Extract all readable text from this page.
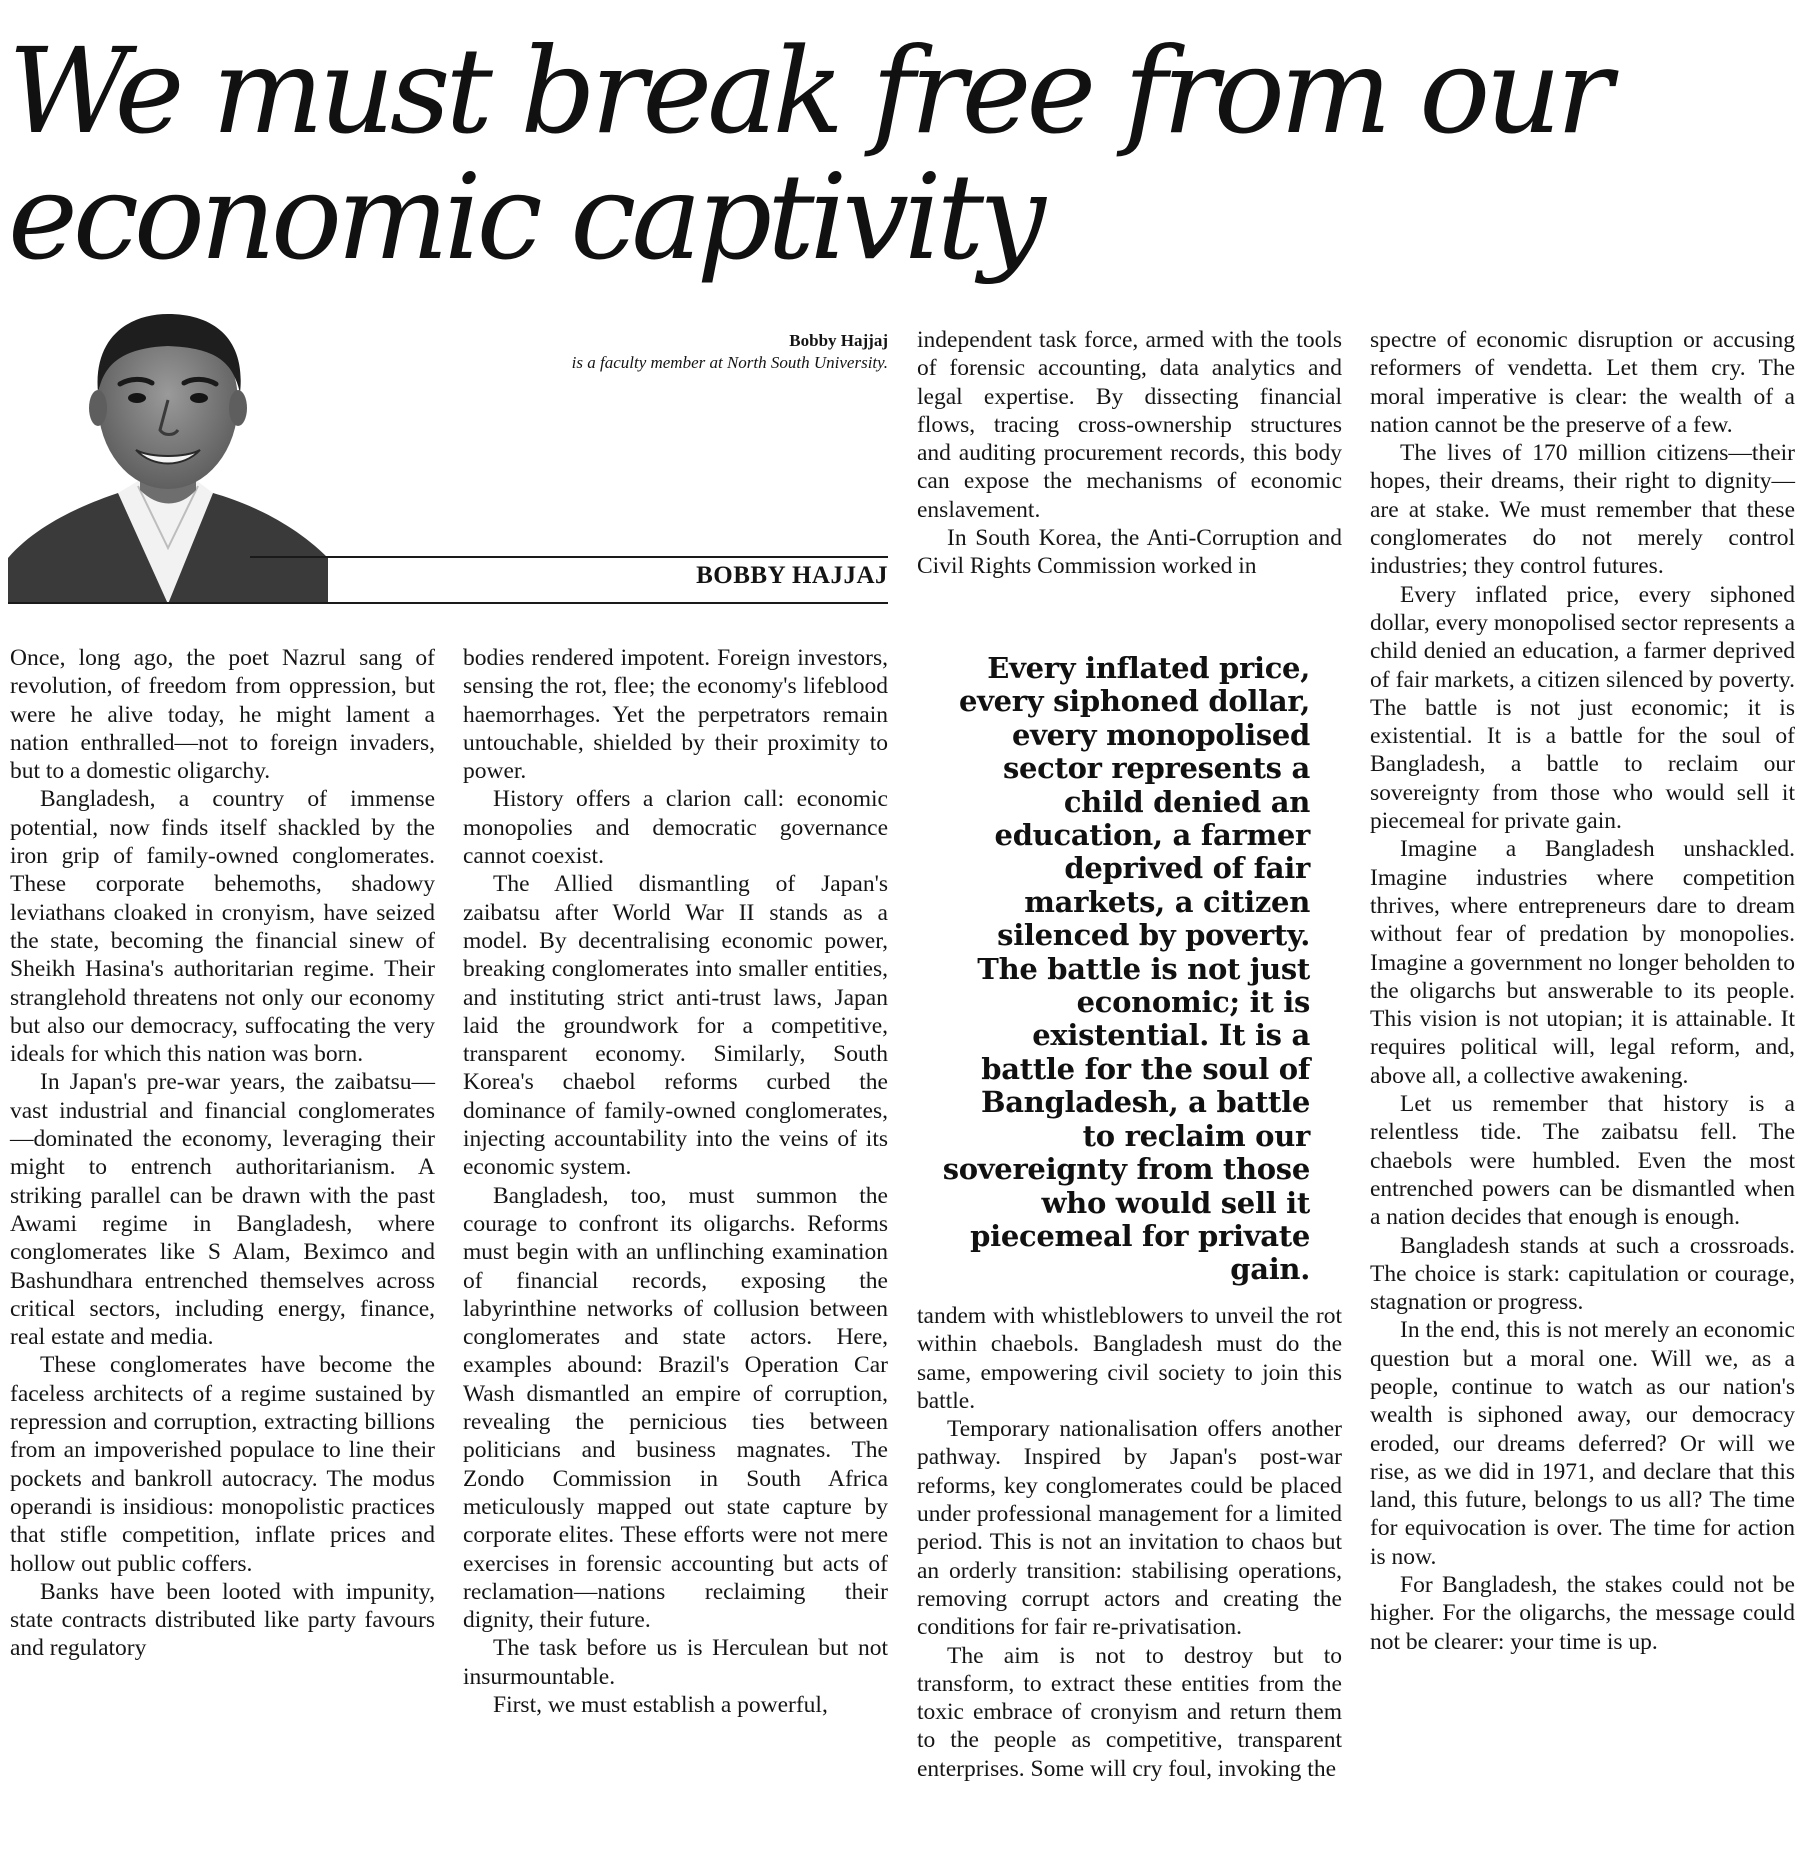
We must break free from our economic captivity
Bobby Hajjaj
is a faculty member at North South University.
BOBBY HAJJAJ

Once, long ago, the poet Nazrul sang of revolution, of freedom from oppression, but were he alive today, he might lament a nation enthralled—not to foreign invaders, but to a domestic oligarchy.

Bangladesh, a country of immense potential, now finds itself shackled by the iron grip of family-owned conglomerates. These corporate behemoths, shadowy leviathans cloaked in cronyism, have seized the state, becoming the financial sinew of Sheikh Hasina's authoritarian regime. Their stranglehold threatens not only our economy but also our democracy, suffocating the very ideals for which this nation was born.

In Japan's pre-war years, the zaibatsu—vast industrial and financial conglomerates—dominated the economy, leveraging their might to entrench authoritarianism. A striking parallel can be drawn with the past Awami regime in Bangladesh, where conglomerates like S Alam, Beximco and Bashundhara entrenched themselves across critical sectors, including energy, finance, real estate and media.

These conglomerates have become the faceless architects of a regime sustained by repression and corruption, extracting billions from an impoverished populace to line their pockets and bankroll autocracy. The modus operandi is insidious: monopolistic practices that stifle competition, inflate prices and hollow out public coffers.

Banks have been looted with impunity, state contracts distributed like party favours and regulatory

bodies rendered impotent. Foreign investors, sensing the rot, flee; the economy's lifeblood haemorrhages. Yet the perpetrators remain untouchable, shielded by their proximity to power.

History offers a clarion call: economic monopolies and democratic governance cannot coexist.

The Allied dismantling of Japan's zaibatsu after World War II stands as a model. By decentralising economic power, breaking conglomerates into smaller entities, and instituting strict anti-trust laws, Japan laid the groundwork for a competitive, transparent economy. Similarly, South Korea's chaebol reforms curbed the dominance of family-owned conglomerates, injecting accountability into the veins of its economic system.

Bangladesh, too, must summon the courage to confront its oligarchs. Reforms must begin with an unflinching examination of financial records, exposing the labyrinthine networks of collusion between conglomerates and state actors. Here, examples abound: Brazil's Operation Car Wash dismantled an empire of corruption, revealing the pernicious ties between politicians and business magnates. The Zondo Commission in South Africa meticulously mapped out state capture by corporate elites. These efforts were not mere exercises in forensic accounting but acts of reclamation—nations reclaiming their dignity, their future.

The task before us is Herculean but not insurmountable.

First, we must establish a powerful,

independent task force, armed with the tools of forensic accounting, data analytics and legal expertise. By dissecting financial flows, tracing cross-ownership structures and auditing procurement records, this body can expose the mechanisms of economic enslavement.

In South Korea, the Anti-Corruption and Civil Rights Commission worked in

Every inflated price, every siphoned dollar, every monopolised sector represents a child denied an education, a farmer deprived of fair markets, a citizen silenced by poverty. The battle is not just economic; it is existential. It is a battle for the soul of Bangladesh, a battle to reclaim our sovereignty from those who would sell it piecemeal for private gain.

tandem with whistleblowers to unveil the rot within chaebols. Bangladesh must do the same, empowering civil society to join this battle.

Temporary nationalisation offers another pathway. Inspired by Japan's post-war reforms, key conglomerates could be placed under professional management for a limited period. This is not an invitation to chaos but an orderly transition: stabilising operations, removing corrupt actors and creating the conditions for fair re-privatisation.

The aim is not to destroy but to transform, to extract these entities from the toxic embrace of cronyism and return them to the people as competitive, transparent enterprises. Some will cry foul, invoking the

spectre of economic disruption or accusing reformers of vendetta. Let them cry. The moral imperative is clear: the wealth of a nation cannot be the preserve of a few.

The lives of 170 million citizens—their hopes, their dreams, their right to dignity—are at stake. We must remember that these conglomerates do not merely control industries; they control futures.

Every inflated price, every siphoned dollar, every monopolised sector represents a child denied an education, a farmer deprived of fair markets, a citizen silenced by poverty. The battle is not just economic; it is existential. It is a battle for the soul of Bangladesh, a battle to reclaim our sovereignty from those who would sell it piecemeal for private gain.

Imagine a Bangladesh unshackled. Imagine industries where competition thrives, where entrepreneurs dare to dream without fear of predation by monopolies. Imagine a government no longer beholden to the oligarchs but answerable to its people. This vision is not utopian; it is attainable. It requires political will, legal reform, and, above all, a collective awakening.

Let us remember that history is a relentless tide. The zaibatsu fell. The chaebols were humbled. Even the most entrenched powers can be dismantled when a nation decides that enough is enough.

Bangladesh stands at such a crossroads. The choice is stark: capitulation or courage, stagnation or progress.

In the end, this is not merely an economic question but a moral one. Will we, as a people, continue to watch as our nation's wealth is siphoned away, our democracy eroded, our dreams deferred? Or will we rise, as we did in 1971, and declare that this land, this future, belongs to us all? The time for equivocation is over. The time for action is now.

For Bangladesh, the stakes could not be higher. For the oligarchs, the message could not be clearer: your time is up.
